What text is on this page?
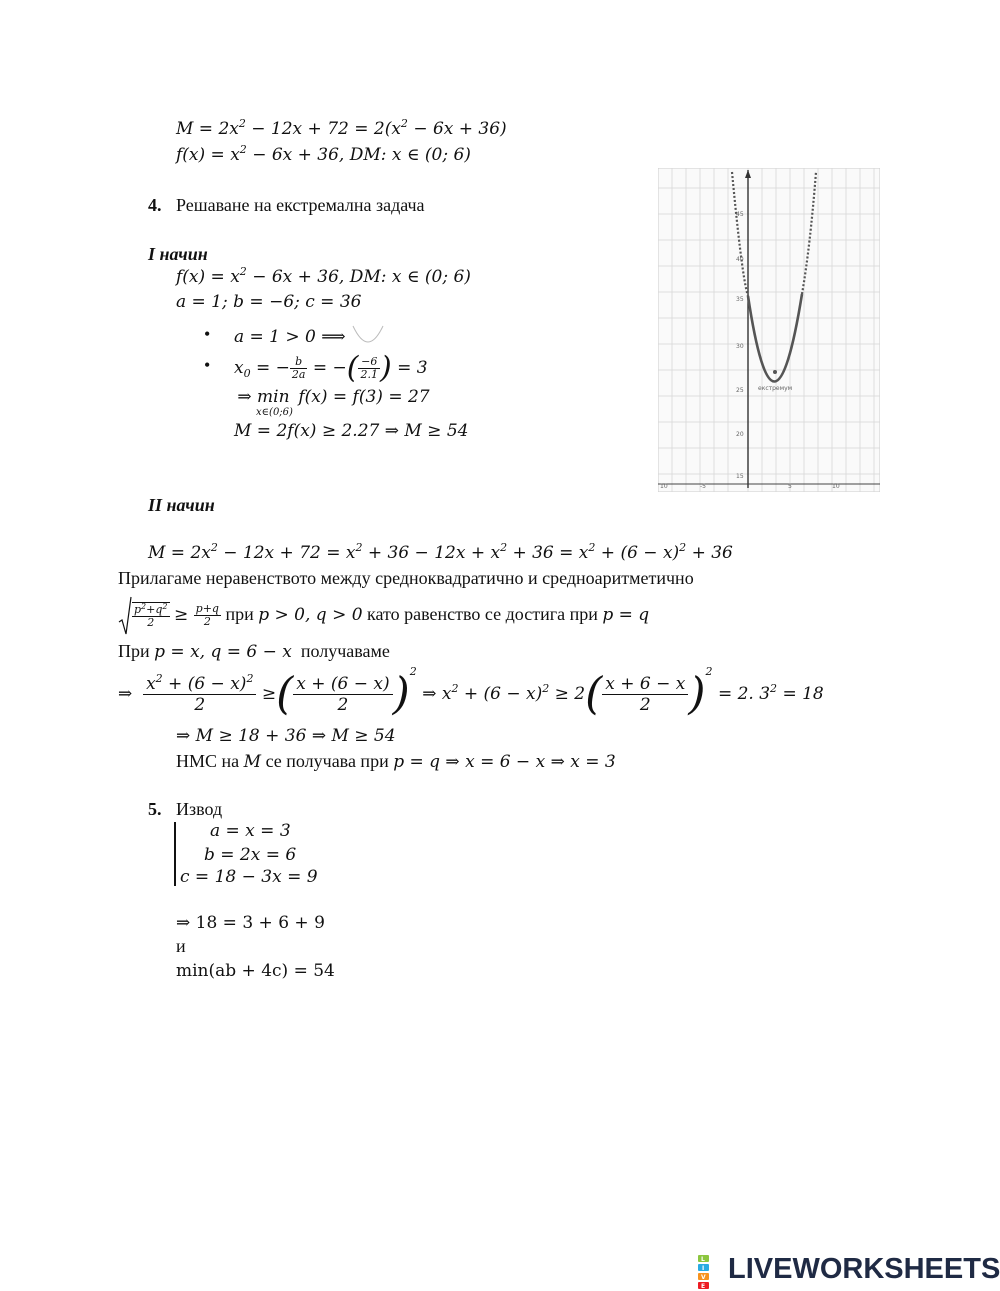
$M = 2x^2 - 12x + 72 = 2(x^2 - 6x + 36)$
$f(x) = x^2 - 6x + 36$, DM: x ∈ (0; 6)
4. Решаване на екстремална задача
I начин
$f(x) = x^2 - 6x + 36$, DM: x ∈ (0; 6)
a = 1; b = −6; c = 36
• a = 1 > 0 ⟹
• $x_0$ = − $\frac{b}{2a}$ = −( $\frac{-6}{2.1}$ ) = 3
⇒ min
x∈(0;6)
f(x) = f(3) = 27
M = 2f(x) ≥ 2.27 ⇒ M ≥ 54
45
40
35
30
25
20
15
10	-5	5	10
екстремум
II начин
$M = 2x^2 - 12x + 72 = x^2 + 36 - 12x + x^2 + 36 = x^2 + (6 - x)^2 + 36$
Прилагаме неравенството между средноквадратично и средноаритметично
$\frac{p^2+q^2}{2} \ge \frac{p+q}{2}$ при p > 0, q > 0 като равенство се достига при p = q
При p = x, q = 6 − x получаваме
⇒ $\frac{x^2 + (6 - x)^2}{2}$ ≥( $\frac{x + (6 - x)}{2} )^2$ ⇒ $x^2 + (6 - x)^2 \ge 2( \frac{x + 6 - x}{2} )^2 = 2$. $3^2 = 18$
⇒ M ≥ 18 + 36 ⇒ M ≥ 54
НМС на M се получава при p = q ⇒ x = 6 − x ⇒ x = 3
5. Извод
a = x = 3
b = 2x = 6
c = 18 − 3x = 9
⇒ 18 = 3 + 6 + 9
и
min(ab + 4c) = 54
L
I
V
E
LIVEWORKSHEETS
